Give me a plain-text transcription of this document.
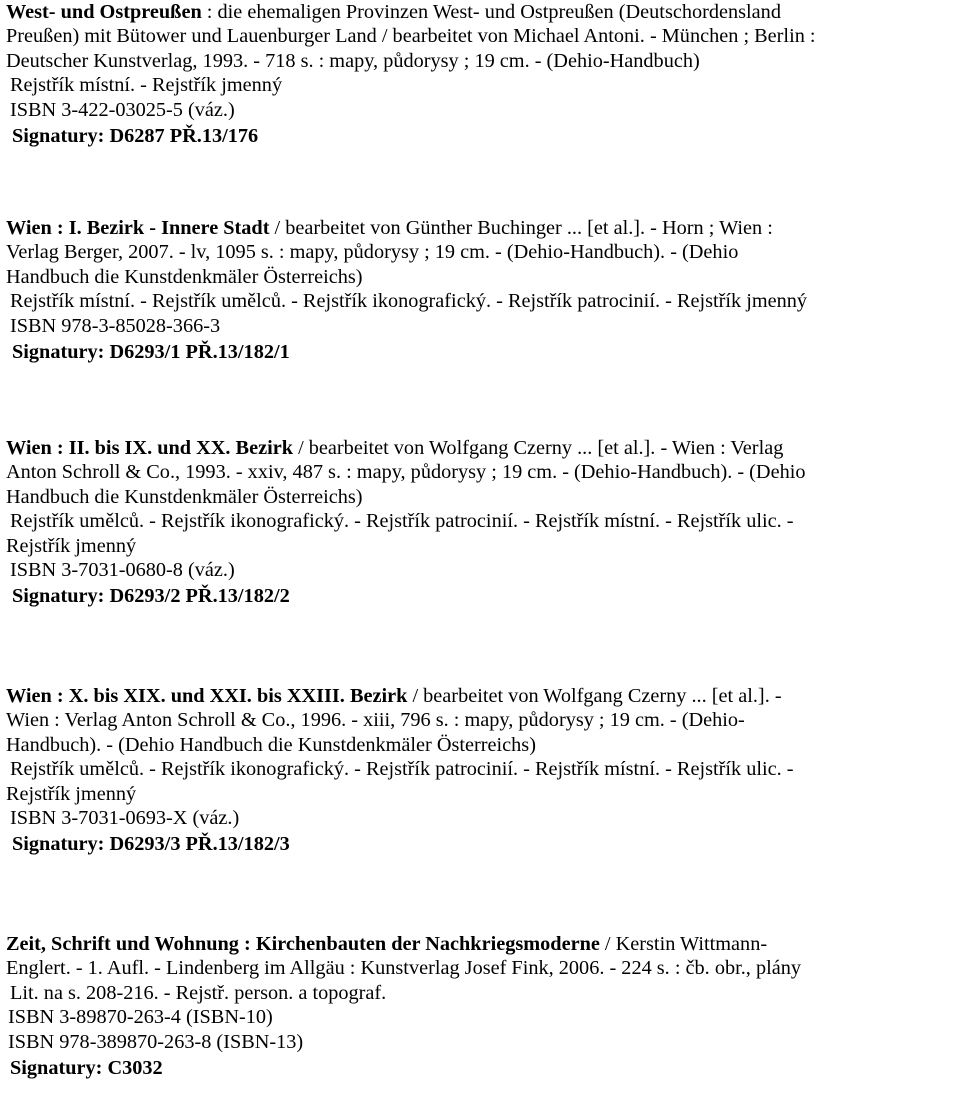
West- und Ostpreußen : die ehemaligen Provinzen West- und Ostpreußen (Deutschordensland
Preußen) mit Bütower und Lauenburger Land / bearbeitet von Michael Antoni. - München ; Berlin :
Deutscher Kunstverlag, 1993. - 718 s. : mapy, půdorysy ; 19 cm. - (Dehio-Handbuch)
Rejstřík místní. - Rejstřík jmenný
ISBN 3-422-03025-5 (váz.)
Signatury: D6287 PŘ.13/176
Wien : I. Bezirk - Innere Stadt / bearbeitet von Günther Buchinger ... [et al.]. - Horn ; Wien :
Verlag Berger, 2007. - lv, 1095 s. : mapy, půdorysy ; 19 cm. - (Dehio-Handbuch). - (Dehio
Handbuch die Kunstdenkmäler Österreichs)
Rejstřík místní. - Rejstřík umělců. - Rejstřík ikonografický. - Rejstřík patrocinií. - Rejstřík jmenný
ISBN 978-3-85028-366-3
Signatury: D6293/1 PŘ.13/182/1
Wien : II. bis IX. und XX. Bezirk / bearbeitet von Wolfgang Czerny ... [et al.]. - Wien : Verlag
Anton Schroll & Co., 1993. - xxiv, 487 s. : mapy, půdorysy ; 19 cm. - (Dehio-Handbuch). - (Dehio
Handbuch die Kunstdenkmäler Österreichs)
Rejstřík umělců. - Rejstřík ikonografický. - Rejstřík patrocinií. - Rejstřík místní. - Rejstřík ulic. -
Rejstřík jmenný
ISBN 3-7031-0680-8 (váz.)
Signatury: D6293/2 PŘ.13/182/2
Wien : X. bis XIX. und XXI. bis XXIII. Bezirk / bearbeitet von Wolfgang Czerny ... [et al.]. -
Wien : Verlag Anton Schroll & Co., 1996. - xiii, 796 s. : mapy, půdorysy ; 19 cm. - (Dehio-
Handbuch). - (Dehio Handbuch die Kunstdenkmäler Österreichs)
Rejstřík umělců. - Rejstřík ikonografický. - Rejstřík patrocinií. - Rejstřík místní. - Rejstřík ulic. -
Rejstřík jmenný
ISBN 3-7031-0693-X (váz.)
Signatury: D6293/3 PŘ.13/182/3
Zeit, Schrift und Wohnung : Kirchenbauten der Nachkriegsmoderne / Kerstin Wittmann-
Englert. - 1. Aufl. - Lindenberg im Allgäu : Kunstverlag Josef Fink, 2006. - 224 s. : čb. obr., plány
Lit. na s. 208-216. - Rejstř. person. a topograf.
ISBN 3-89870-263-4 (ISBN-10)
ISBN 978-389870-263-8 (ISBN-13)
Signatury: C3032
